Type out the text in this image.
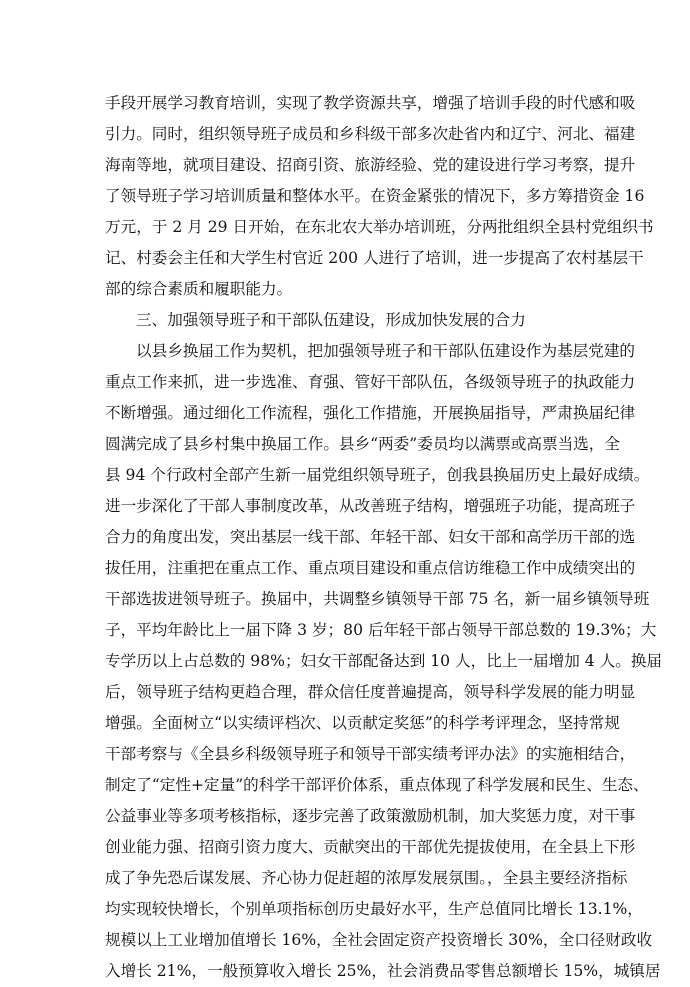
手段开展学习教育培训，实现了教学资源共享，增强了培训手段的时代感和吸
引力。同时，组织领导班子成员和乡科级干部多次赴省内和辽宁、河北、福建
海南等地，就项目建设、招商引资、旅游经验、党的建设进行学习考察，提升
了领导班子学习培训质量和整体水平。在资金紧张的情况下，多方筹措资金 16
万元，于 2 月 29 日开始，在东北农大举办培训班，分两批组织全县村党组织书
记、村委会主任和大学生村官近 200 人进行了培训，进一步提高了农村基层干
部的综合素质和履职能力。
三、加强领导班子和干部队伍建设，形成加快发展的合力
以县乡换届工作为契机，把加强领导班子和干部队伍建设作为基层党建的
重点工作来抓，进一步选准、育强、管好干部队伍，各级领导班子的执政能力
不断增强。通过细化工作流程，强化工作措施，开展换届指导，严肃换届纪律
圆满完成了县乡村集中换届工作。县乡“两委”委员均以满票或高票当选，全
县 94 个行政村全部产生新一届党组织领导班子，创我县换届历史上最好成绩。
进一步深化了干部人事制度改革，从改善班子结构，增强班子功能，提高班子
合力的角度出发，突出基层一线干部、年轻干部、妇女干部和高学历干部的选
拔任用，注重把在重点工作、重点项目建设和重点信访维稳工作中成绩突出的
干部选拔进领导班子。换届中，共调整乡镇领导干部 75 名，新一届乡镇领导班
子，平均年龄比上一届下降 3 岁；80 后年轻干部占领导干部总数的 19.3%；大
专学历以上占总数的 98%；妇女干部配备达到 10 人，比上一届增加 4 人。换届
后，领导班子结构更趋合理，群众信任度普遍提高，领导科学发展的能力明显
增强。全面树立“以实绩评档次、以贡献定奖惩”的科学考评理念，坚持常规
干部考察与《全县乡科级领导班子和领导干部实绩考评办法》的实施相结合，
制定了“定性+定量”的科学干部评价体系，重点体现了科学发展和民生、生态、
公益事业等多项考核指标，逐步完善了政策激励机制，加大奖惩力度，对干事
创业能力强、招商引资力度大、贡献突出的干部优先提拔使用，在全县上下形
成了争先恐后谋发展、齐心协力促赶超的浓厚发展氛围。，全县主要经济指标
均实现较快增长，个别单项指标创历史最好水平，生产总值同比增长 13.1%，
规模以上工业增加值增长 16%，全社会固定资产投资增长 30%，全口径财政收
入增长 21%，一般预算收入增长 25%，社会消费品零售总额增长 15%，城镇居
